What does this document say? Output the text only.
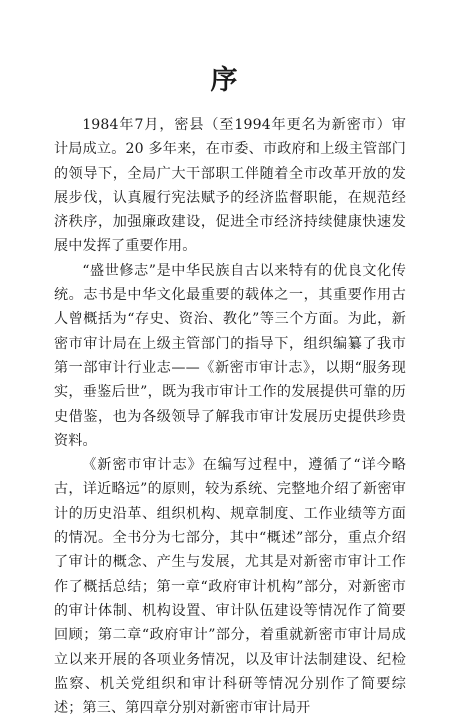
序

1984年7月，密县（至1994年更名为新密市）审计局成立。20 多年来，在市委、市政府和上级主管部门的领导下，全局广大干部职工伴随着全市改革开放的发展步伐，认真履行宪法赋予的经济监督职能，在规范经济秩序，加强廉政建设，促进全市经济持续健康快速发展中发挥了重要作用。

“盛世修志”是中华民族自古以来特有的优良文化传统。志书是中华文化最重要的载体之一，其重要作用古人曾概括为“存史、资治、教化”等三个方面。为此，新密市审计局在上级主管部门的指导下，组织编纂了我市第一部审计行业志——《新密市审计志》，以期“服务现实，垂鉴后世”，既为我市审计工作的发展提供可靠的历史借鉴，也为各级领导了解我市审计发展历史提供珍贵资料。

《新密市审计志》在编写过程中，遵循了“详今略古，详近略远”的原则，较为系统、完整地介绍了新密审计的历史沿革、组织机构、规章制度、工作业绩等方面的情况。全书分为七部分，其中“概述”部分，重点介绍了审计的概念、产生与发展，尤其是对新密市审计工作作了概括总结；第一章“政府审计机构”部分，对新密市的审计体制、机构设置、审计队伍建设等情况作了简要回顾；第二章“政府审计”部分，着重就新密市审计局成立以来开展的各项业务情况，以及审计法制建设、纪检监察、机关党组织和审计科研等情况分别作了简要综述；第三、第四章分别对新密市审计局开
